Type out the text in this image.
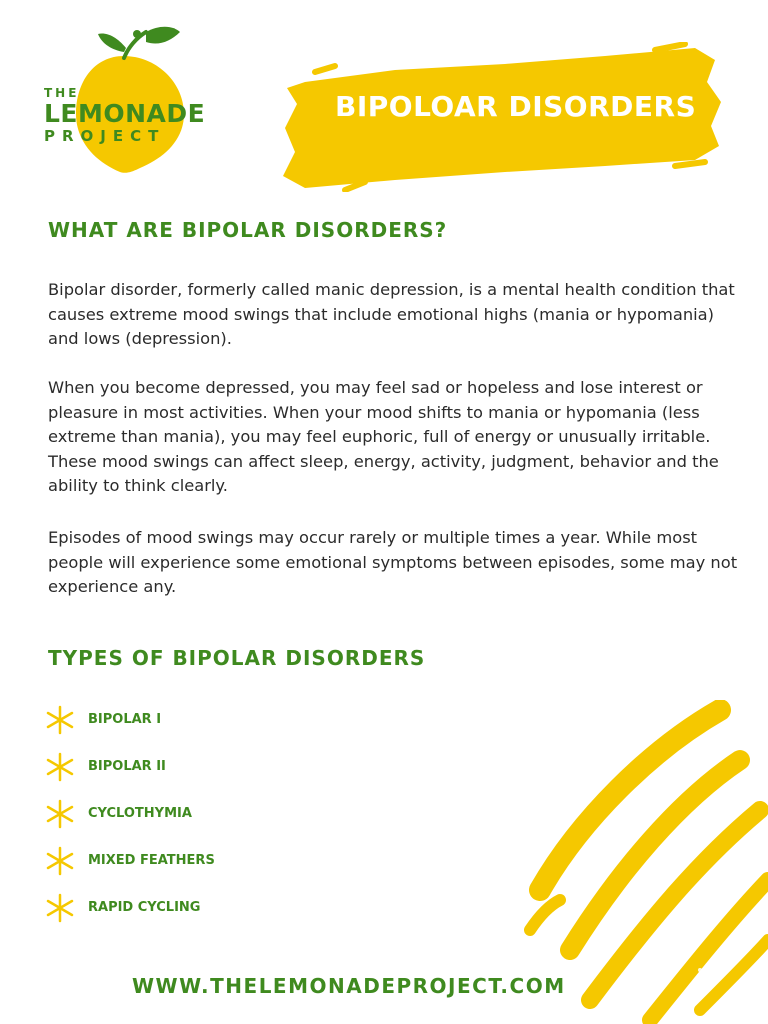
THE
LEMONADE
PROJECT
BIPOLOAR DISORDERS
WHAT ARE BIPOLAR DISORDERS?

Bipolar disorder, formerly called manic depression, is a mental health condition that causes extreme mood swings that include emotional highs (mania or hypomania) and lows (depression).

When you become depressed, you may feel sad or hopeless and lose interest or pleasure in most activities. When your mood shifts to mania or hypomania (less extreme than mania), you may feel euphoric, full of energy or unusually irritable. These mood swings can affect sleep, energy, activity, judgment, behavior and the ability to think clearly.

Episodes of mood swings may occur rarely or multiple times a year. While most people will experience some emotional symptoms between episodes, some may not experience any.

TYPES OF BIPOLAR DISORDERS
BIPOLAR I
BIPOLAR II
CYCLOTHYMIA
MIXED FEATHERS
RAPID CYCLING
WWW.THELEMONADEPROJECT.COM
